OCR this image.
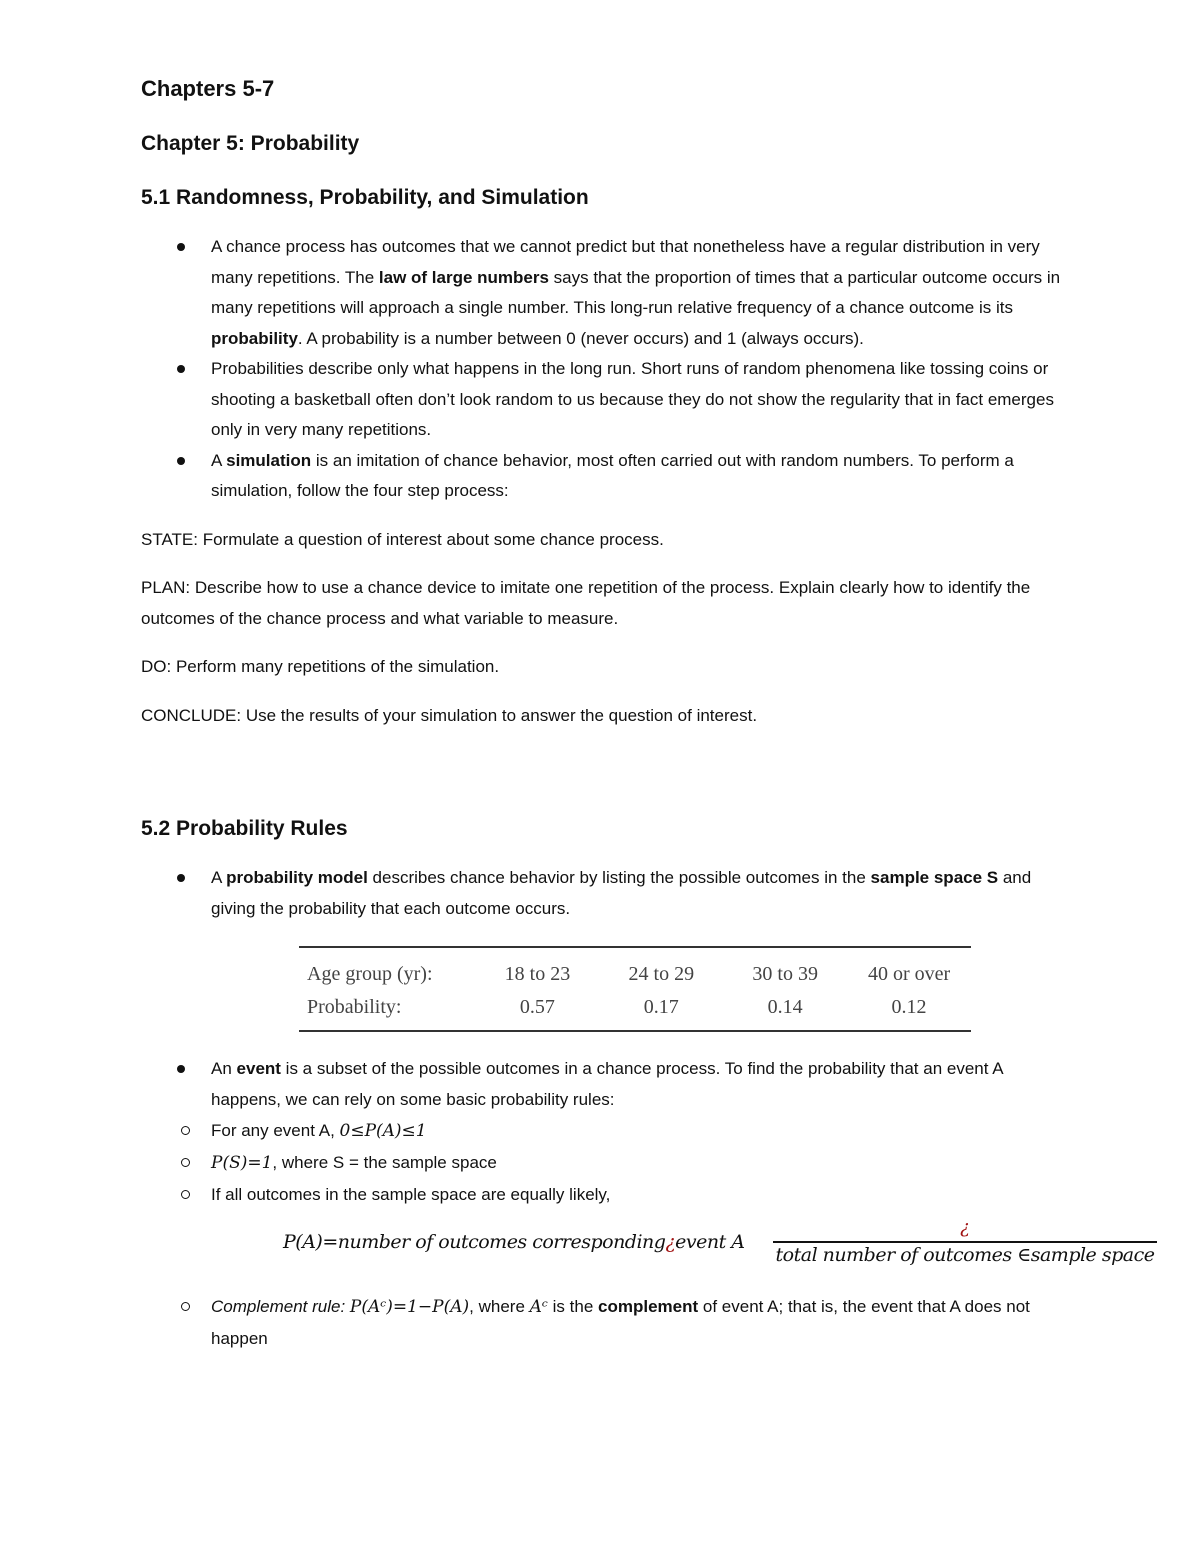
Chapters 5-7
Chapter 5: Probability
5.1 Randomness, Probability, and Simulation
A chance process has outcomes that we cannot predict but that nonetheless have a regular distribution in very many repetitions. The law of large numbers says that the proportion of times that a particular outcome occurs in many repetitions will approach a single number. This long-run relative frequency of a chance outcome is its probability. A probability is a number between 0 (never occurs) and 1 (always occurs).
Probabilities describe only what happens in the long run. Short runs of random phenomena like tossing coins or shooting a basketball often don’t look random to us because they do not show the regularity that in fact emerges only in very many repetitions.
A simulation is an imitation of chance behavior, most often carried out with random numbers. To perform a simulation, follow the four step process:

STATE: Formulate a question of interest about some chance process.

PLAN: Describe how to use a chance device to imitate one repetition of the process. Explain clearly how to identify the outcomes of the chance process and what variable to measure.

DO: Perform many repetitions of the simulation.

CONCLUDE: Use the results of your simulation to answer the question of interest.

5.2 Probability Rules
A probability model describes chance behavior by listing the possible outcomes in the sample space S and giving the probability that each outcome occurs.
Age group (yr):	18 to 23	24 to 29	30 to 39	40 or over
Probability:	0.57	0.17	0.14	0.12
An event is a subset of the possible outcomes in a chance process. To find the probability that an event A happens, we can rely on some basic probability rules:
For any event A, 0≤P(A)≤1
P(S)=1, where S = the sample space
If all outcomes in the sample space are equally likely,
P(A)=number of outcomes corresponding¿event A
¿
total number of outcomes ∈sample space
Complement rule: P(Aᶜ)=1−P(A), where Aᶜ is the complement of event A; that is, the event that A does not happen
